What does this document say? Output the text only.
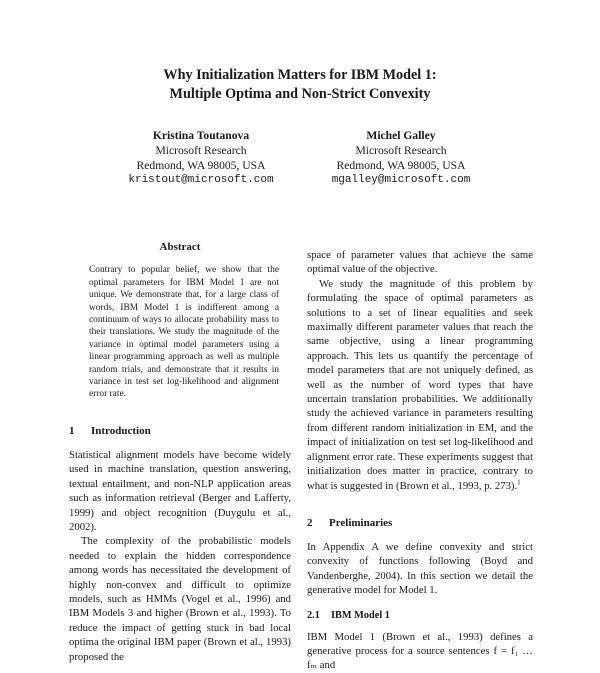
Why Initialization Matters for IBM Model 1:
Multiple Optima and Non-Strict Convexity
Kristina Toutanova
Microsoft Research
Redmond, WA 98005, USA
kristout@microsoft.com
Michel Galley
Microsoft Research
Redmond, WA 98005, USA
mgalley@microsoft.com
Abstract
Contrary to popular belief, we show that the optimal parameters for IBM Model 1 are not unique. We demonstrate that, for a large class of words, IBM Model 1 is indifferent among a continuum of ways to allocate probability mass to their translations. We study the magnitude of the variance in optimal model parameters using a linear programming approach as well as multiple random trials, and demonstrate that it results in variance in test set log-likelihood and alignment error rate.
1 Introduction

Statistical alignment models have become widely used in machine translation, question answering, textual entailment, and non-NLP application areas such as information retrieval (Berger and Lafferty, 1999) and object recognition (Duygulu et al., 2002).

The complexity of the probabilistic models needed to explain the hidden correspondence among words has necessitated the development of highly non-convex and difficult to optimize models, such as HMMs (Vogel et al., 1996) and IBM Models 3 and higher (Brown et al., 1993). To reduce the impact of getting stuck in bad local optima the original IBM paper (Brown et al., 1993) proposed the

space of parameter values that achieve the same optimal value of the objective.

We study the magnitude of this problem by formulating the space of optimal parameters as solutions to a set of linear equalities and seek maximally different parameter values that reach the same objective, using a linear programming approach. This lets us quantify the percentage of model parameters that are not uniquely defined, as well as the number of word types that have uncertain translation probabilities. We additionally study the achieved variance in parameters resulting from different random initialization in EM, and the impact of initialization on test set log-likelihood and alignment error rate. These experiments suggest that initialization does matter in practice, contrary to what is suggested in (Brown et al., 1993, p. 273).$^1$

2 Preliminaries

In Appendix A we define convexity and strict convexity of functions following (Boyd and Vandenberghe, 2004). In this section we detail the generative model for Model 1.

2.1 IBM Model 1

IBM Model 1 (Brown et al., 1993) defines a generative process for a source sentences f = f₁ … fₘ and
